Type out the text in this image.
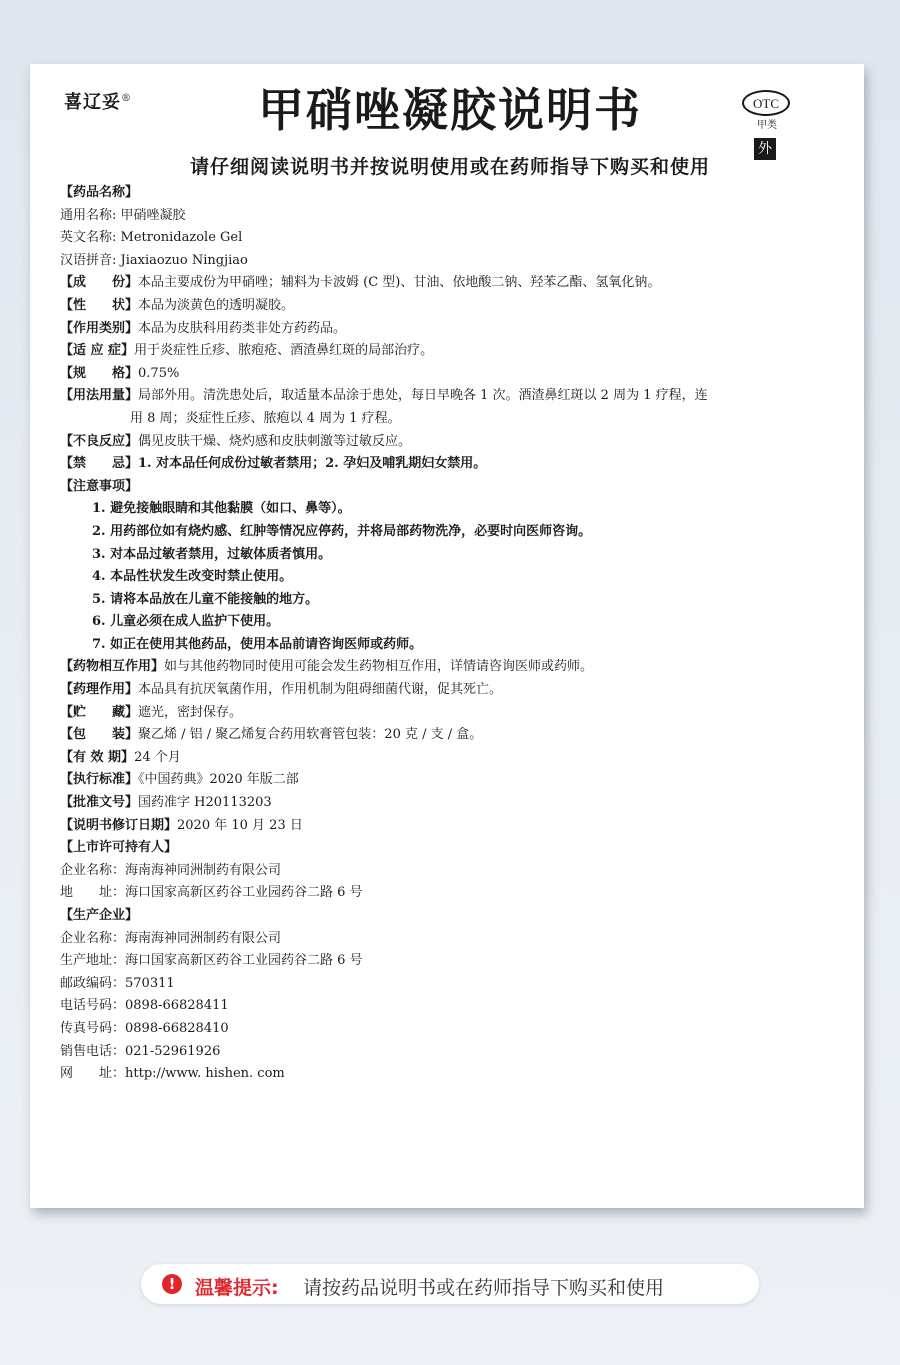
喜辽妥®	甲硝唑凝胶说明书	OTC
甲类
外
请仔细阅读说明书并按说明使用或在药师指导下购买和使用
【药品名称】
通用名称: 甲硝唑凝胶
英文名称: Metronidazole Gel
汉语拼音: Jiaxiaozuo Ningjiao
【成　　份】本品主要成份为甲硝唑；辅料为卡波姆 (C 型)、甘油、依地酸二钠、羟苯乙酯、氢氧化钠。
【性　　状】本品为淡黄色的透明凝胶。
【作用类别】本品为皮肤科用药类非处方药药品。
【适 应 症】用于炎症性丘疹、脓疱疮、酒渣鼻红斑的局部治疗。
【规　　格】0.75%
【用法用量】局部外用。清洗患处后，取适量本品涂于患处，每日早晚各 1 次。酒渣鼻红斑以 2 周为 1 疗程，连
用 8 周；炎症性丘疹、脓疱以 4 周为 1 疗程。
【不良反应】偶见皮肤干燥、烧灼感和皮肤刺激等过敏反应。
【禁　　忌】1. 对本品任何成份过敏者禁用；2. 孕妇及哺乳期妇女禁用。
【注意事项】
1. 避免接触眼睛和其他黏膜（如口、鼻等）。
2. 用药部位如有烧灼感、红肿等情况应停药，并将局部药物洗净，必要时向医师咨询。
3. 对本品过敏者禁用，过敏体质者慎用。
4. 本品性状发生改变时禁止使用。
5. 请将本品放在儿童不能接触的地方。
6. 儿童必须在成人监护下使用。
7. 如正在使用其他药品，使用本品前请咨询医师或药师。
【药物相互作用】如与其他药物同时使用可能会发生药物相互作用，详情请咨询医师或药师。
【药理作用】本品具有抗厌氧菌作用，作用机制为阻碍细菌代谢，促其死亡。
【贮　　藏】遮光，密封保存。
【包　　装】聚乙烯 / 铝 / 聚乙烯复合药用软膏管包装：20 克 / 支 / 盒。
【有 效 期】24 个月
【执行标准】《中国药典》2020 年版二部
【批准文号】国药准字 H20113203
【说明书修订日期】2020 年 10 月 23 日
【上市许可持有人】
企业名称：海南海神同洲制药有限公司
地　　址：海口国家高新区药谷工业园药谷二路 6 号
【生产企业】
企业名称：海南海神同洲制药有限公司
生产地址：海口国家高新区药谷工业园药谷二路 6 号
邮政编码：570311
电话号码：0898-66828411
传真号码：0898-66828410
销售电话：021-52961926
网　　址：http://www. hishen. com
!	温馨提示: 请按药品说明书或在药师指导下购买和使用
